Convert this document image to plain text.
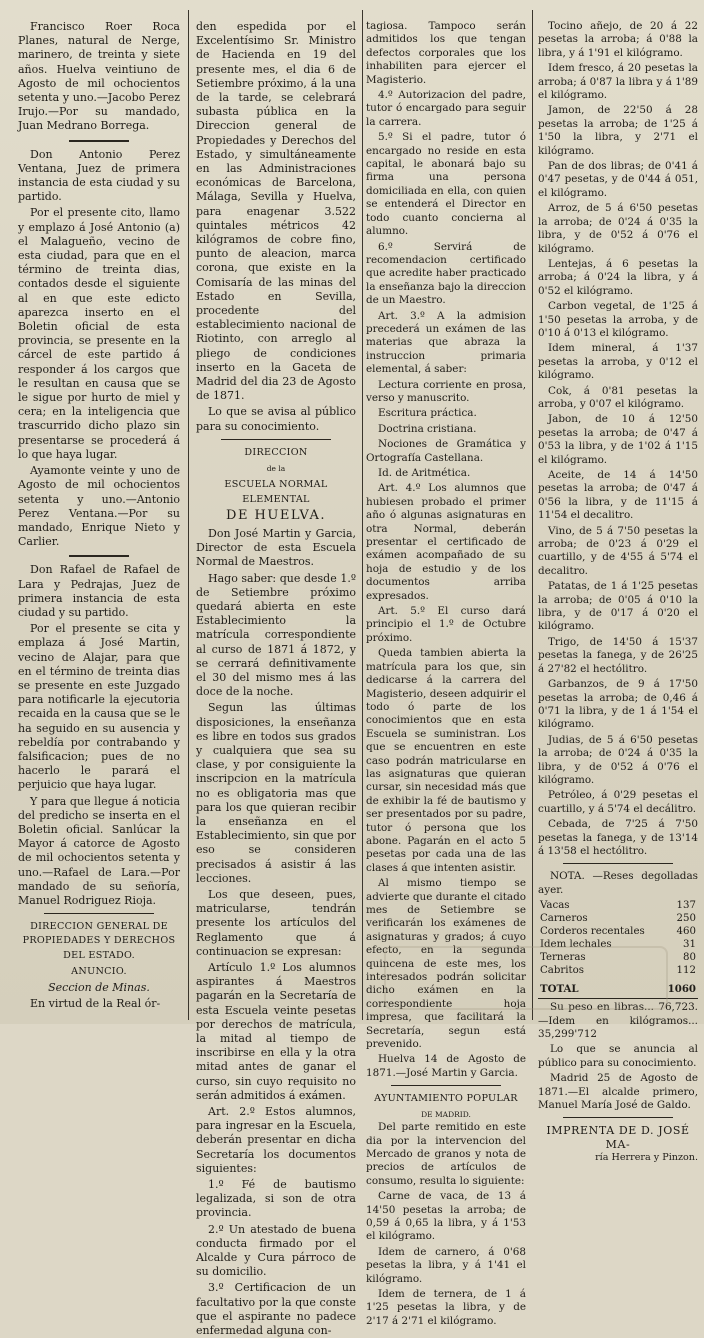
Francisco Roer Roca Planes, natural de Nerge, marinero, de treinta y siete años. Huelva veintiuno de Agosto de mil ochocientos setenta y uno.—Jacobo Perez Irujo.—Por su mandado, Juan Medrano Borrega.

Don Antonio Perez Ventana, Juez de primera instancia de esta ciudad y su partido.

Por el presente cito, llamo y emplazo á José Antonio (a) el Malagueño, vecino de esta ciudad, para que en el término de treinta dias, contados desde el siguiente al en que este edicto aparezca inserto en el Boletin oficial de esta provincia, se presente en la cárcel de este partido á responder á los cargos que le resultan en causa que se le sigue por hurto de miel y cera; en la inteligencia que trascurrido dicho plazo sin presentarse se procederá á lo que haya lugar.

Ayamonte veinte y uno de Agosto de mil ochocientos setenta y uno.—Antonio Perez Ventana.—Por su mandado, Enrique Nieto y Carlier.

Don Rafael de Rafael de Lara y Pedrajas, Juez de primera instancia de esta ciudad y su partido.

Por el presente se cita y emplaza á José Martin, vecino de Alajar, para que en el término de treinta dias se presente en este Juzgado para notificarle la ejecutoria recaida en la causa que se le ha seguido en su ausencia y rebeldía por contrabando y falsificacion; pues de no hacerlo le parará el perjuicio que haya lugar.

Y para que llegue á noticia del predicho se inserta en el Boletin oficial. Sanlúcar la Mayor á catorce de Agosto de mil ochocientos setenta y uno.—Rafael de Lara.—Por mandado de su señoría, Manuel Rodriguez Rioja.

DIRECCION GENERAL DE PROPIEDADES Y DERECHOS DEL ESTADO.
ANUNCIO.
Seccion de Minas.

En virtud de la Real ór-

den espedida por el Excelentísimo Sr. Ministro de Hacienda en 19 del presente mes, el dia 6 de Setiembre próximo, á la una de la tarde, se celebrará subasta pública en la Direccion general de Propiedades y Derechos del Estado, y simultáneamente en las Administraciones económicas de Barcelona, Málaga, Sevilla y Huelva, para enagenar 3.522 quintales métricos 42 kilógramos de cobre fino, punto de aleacion, marca corona, que existe en la Comisaría de las minas del Estado en Sevilla, procedente del establecimiento nacional de Riotinto, con arreglo al pliego de condiciones inserto en la Gaceta de Madrid del dia 23 de Agosto de 1871.

Lo que se avisa al público para su conocimiento.

DIRECCION
de la
ESCUELA NORMAL ELEMENTAL
DE HUELVA.

Don José Martin y Garcia, Director de esta Escuela Normal de Maestros.

Hago saber: que desde 1.º de Setiembre próximo quedará abierta en este Establecimiento la matrícula correspondiente al curso de 1871 á 1872, y se cerrará definitivamente el 30 del mismo mes á las doce de la noche.

Segun las últimas disposiciones, la enseñanza es libre en todos sus grados y cualquiera que sea su clase, y por consiguiente la inscripcion en la matrícula no es obligatoria mas que para los que quieran recibir la enseñanza en el Establecimiento, sin que por eso se consideren precisados á asistir á las lecciones.

Los que deseen, pues, matricularse, tendrán presente los artículos del Reglamento que á continuacion se expresan:

Artículo 1.º Los alumnos aspirantes á Maestros pagarán en la Secretaría de esta Escuela veinte pesetas por derechos de matrícula, la mitad al tiempo de inscribirse en ella y la otra mitad antes de ganar el curso, sin cuyo requisito no serán admitidos á exámen.

Art. 2.º Estos alumnos, para ingresar en la Escuela, deberán presentar en dicha Secretaría los documentos siguientes:

1.º Fé de bautismo legalizada, si son de otra provincia.

2.º Un atestado de buena conducta firmado por el Alcalde y Cura párroco de su domicilio.

3.º Certificacion de un facultativo por la que conste que el aspirante no padece enfermedad alguna con-

tagiosa. Tampoco serán admitidos los que tengan defectos corporales que los inhabiliten para ejercer el Magisterio.

4.º Autorizacion del padre, tutor ó encargado para seguir la carrera.

5.º Si el padre, tutor ó encargado no reside en esta capital, le abonará bajo su firma una persona domiciliada en ella, con quien se entenderá el Director en todo cuanto concierna al alumno.

6.º Servirá de recomendacion certificado que acredite haber practicado la enseñanza bajo la direccion de un Maestro.

Art. 3.º A la admision precederá un exámen de las materias que abraza la instruccion primaria elemental, á saber:

Lectura corriente en prosa, verso y manuscrito.

Escritura práctica.

Doctrina cristiana.

Nociones de Gramática y Ortografía Castellana.

Id. de Aritmética.

Art. 4.º Los alumnos que hubiesen probado el primer año ó algunas asignaturas en otra Normal, deberán presentar el certificado de exámen acompañado de su hoja de estudio y de los documentos arriba expresados.

Art. 5.º El curso dará principio el 1.º de Octubre próximo.

Queda tambien abierta la matrícula para los que, sin dedicarse á la carrera del Magisterio, deseen adquirir el todo ó parte de los conocimientos que en esta Escuela se suministran. Los que se encuentren en este caso podrán matricularse en las asignaturas que quieran cursar, sin necesidad más que de exhibir la fé de bautismo y ser presentados por su padre, tutor ó persona que los abone. Pagarán en el acto 5 pesetas por cada una de las clases á que intenten asistir.

Al mismo tiempo se advierte que durante el citado mes de Setiembre se verificarán los exámenes de asignaturas y grados; á cuyo efecto, en la segunda quincena de este mes, los interesados podrán solicitar dicho exámen en la correspondiente hoja impresa, que facilitará la Secretaría, segun está prevenido.

Huelva 14 de Agosto de 1871.—José Martin y Garcia.

AYUNTAMIENTO POPULAR
DE MADRID.

Del parte remitido en este dia por la intervencion del Mercado de granos y nota de precios de artículos de consumo, resulta lo siguiente:

Carne de vaca, de 13 á 14'50 pesetas la arroba; de 0,59 á 0,65 la libra, y á 1'53 el kilógramo.

Idem de carnero, á 0'68 pesetas la libra, y á 1'41 el kilógramo.

Idem de ternera, de 1 á 1'25 pesetas la libra, y de 2'17 á 2'71 el kilógramo.

Tocino añejo, de 20 á 22 pesetas la arroba; á 0'88 la libra, y á 1'91 el kilógramo.

Idem fresco, á 20 pesetas la arroba; á 0'87 la libra y á 1'89 el kilógramo.

Jamon, de 22'50 á 28 pesetas la arroba; de 1'25 á 1'50 la libra, y 2'71 el kilógramo.

Pan de dos libras; de 0'41 á 0'47 pesetas, y de 0'44 á 051, el kilógramo.

Arroz, de 5 á 6'50 pesetas la arroba; de 0'24 á 0'35 la libra, y de 0'52 á 0'76 el kilógramo.

Lentejas, á 6 pesetas la arroba; á 0'24 la libra, y á 0'52 el kilógramo.

Carbon vegetal, de 1'25 á 1'50 pesetas la arroba, y de 0'10 á 0'13 el kilógramo.

Idem mineral, á 1'37 pesetas la arroba, y 0'12 el kilógramo.

Cok, á 0'81 pesetas la arroba, y 0'07 el kilógramo.

Jabon, de 10 á 12'50 pesetas la arroba; de 0'47 á 0'53 la libra, y de 1'02 á 1'15 el kilógramo.

Aceite, de 14 á 14'50 pesetas la arroba; de 0'47 á 0'56 la libra, y de 11'15 á 11'54 el decalitro.

Vino, de 5 á 7'50 pesetas la arroba; de 0'23 á 0'29 el cuartillo, y de 4'55 á 5'74 el decalitro.

Patatas, de 1 á 1'25 pesetas la arroba; de 0'05 á 0'10 la libra, y de 0'17 á 0'20 el kilógramo.

Trigo, de 14'50 á 15'37 pesetas la fanega, y de 26'25 á 27'82 el hectólitro.

Garbanzos, de 9 á 17'50 pesetas la arroba; de 0,46 á 0'71 la libra, y de 1 á 1'54 el kilógramo.

Judias, de 5 á 6'50 pesetas la arroba; de 0'24 á 0'35 la libra, y de 0'52 á 0'76 el kilógramo.

Petróleo, á 0'29 pesetas el cuartillo, y á 5'74 el decálitro.

Cebada, de 7'25 á 7'50 pesetas la fanega, y de 13'14 á 13'58 el hectólitro.

NOTA. —Reses degolladas ayer.

Vacas	137
Carneros	250
Corderos recentales	460
Idem lechales	31
Terneras	80
Cabritos	112
TOTAL	1060

Su peso en libras... 76,723.—Idem en kilógramos... 35,299'712

Lo que se anuncia al público para su conocimiento.

Madrid 25 de Agosto de 1871.—El alcalde primero, Manuel María José de Galdo.

IMPRENTA DE D. JOSÉ MA-
ría Herrera y Pinzon.
